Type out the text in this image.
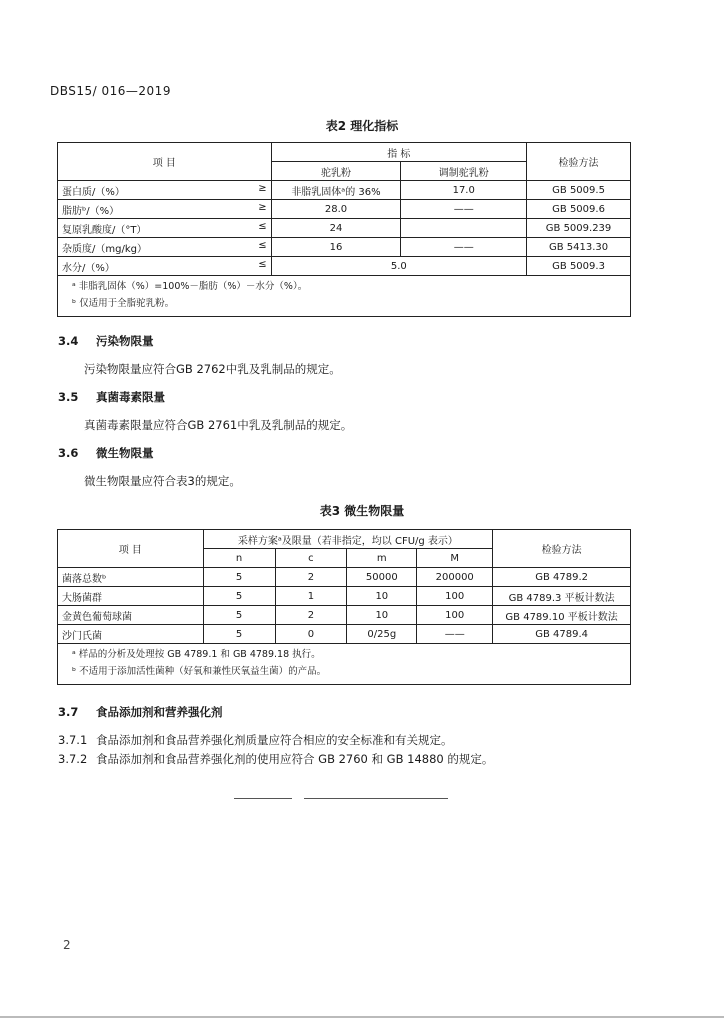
DBS15/ 016—2019
表2 理化指标
项 目	指 标		检验方法
	驼乳粉	调制驼乳粉	
蛋白质/（%） ≥	非脂乳固体ᵃ的 36%	17.0	GB 5009.5
脂肪ᵇ/（%） ≥	28.0	——	GB 5009.6
复原乳酸度/（°T） ≤	24		GB 5009.239
杂质度/（mg/kg） ≤	16	——	GB 5413.30
水分/（%） ≤	5.0		GB 5009.3

ᵃ 非脂乳固体（%）=100%－脂肪（%）－水分（%）。
ᵇ 仅适用于全脂驼乳粉。			
3.4 污染物限量
污染物限量应符合GB 2762中乳及乳制品的规定。
3.5 真菌毒素限量
真菌毒素限量应符合GB 2761中乳及乳制品的规定。
3.6 微生物限量
微生物限量应符合表3的规定。
表3 微生物限量
项 目	采样方案ᵃ及限量（若非指定，均以 CFU/g 表示）				检验方法
	n	c	m	M	
菌落总数ᵇ	5	2	50000	200000	GB 4789.2
大肠菌群	5	1	10	100	GB 4789.3 平板计数法
金黄色葡萄球菌	5	2	10	100	GB 4789.10 平板计数法
沙门氏菌	5	0	0/25g	——	GB 4789.4

ᵃ 样品的分析及处理按 GB 4789.1 和 GB 4789.18 执行。
ᵇ 不适用于添加活性菌种（好氧和兼性厌氧益生菌）的产品。					
3.7 食品添加剂和营养强化剂
3.7.1 食品添加剂和食品营养强化剂质量应符合相应的安全标准和有关规定。
3.7.2 食品添加剂和食品营养强化剂的使用应符合 GB 2760 和 GB 14880 的规定。
2
